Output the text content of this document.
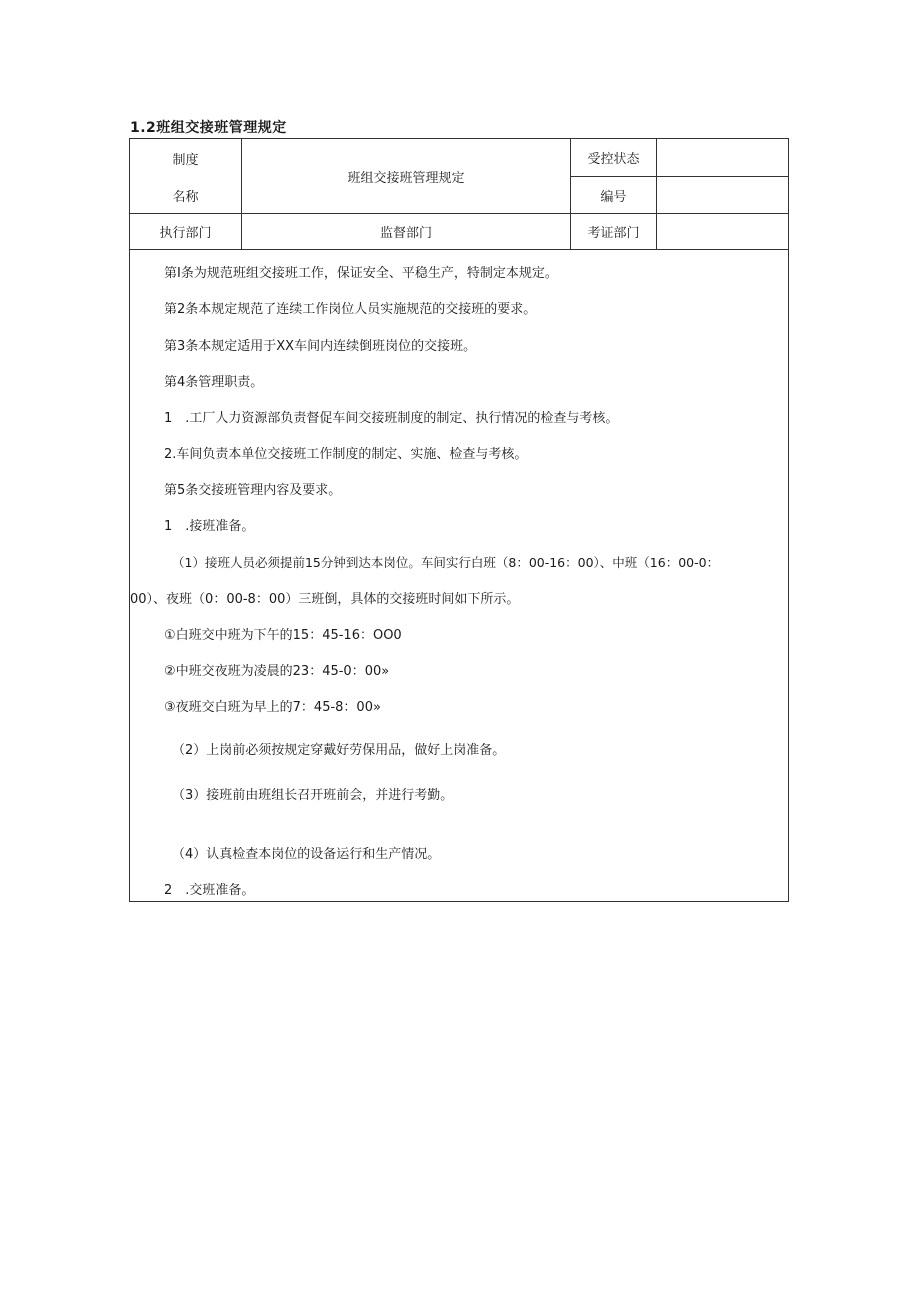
1.2班组交接班管理规定
制度
名称
班组交接班管理规定
受控状态
编号
执行部门	监督部门	考证部门
第I条为规范班组交接班工作，保证安全、平稳生产，特制定本规定。
第2条本规定规范了连续工作岗位人员实施规范的交接班的要求。
第3条本规定适用于XX车间内连续倒班岗位的交接班。
第4条管理职责。
1　.工厂人力资源部负责督促车间交接班制度的制定、执行情况的检查与考核。
2.车间负责本单位交接班工作制度的制定、实施、检查与考核。
第5条交接班管理内容及要求。
1　.接班准备。
（1）接班人员必须提前15分钟到达本岗位。车间实行白班（8：00-16：00）、中班（16：00-0：
00）、夜班（0：00-8：00）三班倒，具体的交接班时间如下所示。
①白班交中班为下午的15：45-16：OO0
②中班交夜班为凌晨的23：45-0：00»
③夜班交白班为早上的7：45-8：00»
（2）上岗前必须按规定穿戴好劳保用品，做好上岗准备。
（3）接班前由班组长召开班前会，并进行考勤。
（4）认真检查本岗位的设备运行和生产情况。
2　.交班准备。
